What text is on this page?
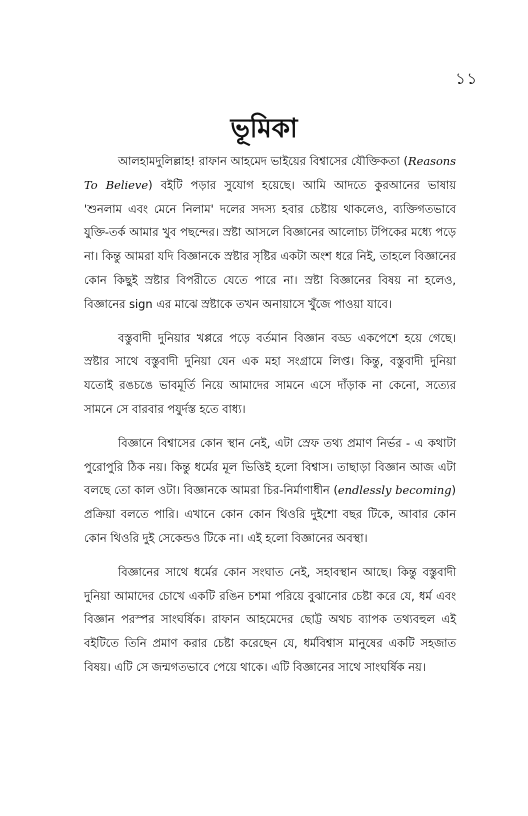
১১
ভূমিকা

আলহামদুলিল্লাহ! রাফান আহমেদ ভাইয়ের বিশ্বাসের যৌক্তিকতা (Reasons To Believe) বইটি পড়ার সুযোগ হয়েছে। আমি আদতে কুরআনের ভাষায় 'শুনলাম এবং মেনে নিলাম' দলের সদস্য হবার চেষ্টায় থাকলেও, ব্যক্তিগতভাবে যুক্তি-তর্ক আমার খুব পছন্দের। স্রষ্টা আসলে বিজ্ঞানের আলোচ্য টপিকের মধ্যে পড়ে না। কিন্তু আমরা যদি বিজ্ঞানকে স্রষ্টার সৃষ্টির একটা অংশ ধরে নিই, তাহলে বিজ্ঞানের কোন কিছুই স্রষ্টার বিপরীতে যেতে পারে না। স্রষ্টা বিজ্ঞানের বিষয় না হলেও, বিজ্ঞানের sign এর মাঝে স্রষ্টাকে তখন অনায়াসে খুঁজে পাওয়া যাবে।

বস্তুবাদী দুনিয়ার খপ্পরে পড়ে বর্তমান বিজ্ঞান বড্ড একপেশে হয়ে গেছে। স্রষ্টার সাথে বস্তুবাদী দুনিয়া যেন এক মহা সংগ্রামে লিপ্ত। কিন্তু, বস্তুবাদী দুনিয়া যতোই রঙচঙে ভাবমূর্তি নিয়ে আমাদের সামনে এসে দাঁড়াক না কেনো, সত্যের সামনে সে বারবার পযুর্দস্ত হতে বাধ্য।

বিজ্ঞানে বিশ্বাসের কোন স্থান নেই, এটা স্রেফ তথ্য প্রমাণ নির্ভর - এ কথাটা পুরোপুরি ঠিক নয়। কিন্তু ধর্মের মূল ভিত্তিই হলো বিশ্বাস। তাছাড়া বিজ্ঞান আজ এটা বলছে তো কাল ওটা। বিজ্ঞানকে আমরা চির-নির্মাণাধীন (endlessly becoming) প্রক্রিয়া বলতে পারি। এখানে কোন কোন থিওরি দুইশো বছর টিকে, আবার কোন কোন থিওরি দুই সেকেন্ডও টিকে না। এই হলো বিজ্ঞানের অবস্থা।

বিজ্ঞানের সাথে ধর্মের কোন সংঘাত নেই, সহাবস্থান আছে। কিন্তু বস্তুবাদী দুনিয়া আমাদের চোখে একটি রঙিন চশমা পরিয়ে বুঝানোর চেষ্টা করে যে, ধর্ম এবং বিজ্ঞান পরস্পর সাংঘর্ষিক। রাফান আহমেদের ছোট্ট অথচ ব্যাপক তথ্যবহুল এই বইটিতে তিনি প্রমাণ করার চেষ্টা করেছেন যে, ধর্মবিশ্বাস মানুষের একটি সহজাত বিষয়। এটি সে জন্মগতভাবে পেয়ে থাকে। এটি বিজ্ঞানের সাথে সাংঘর্ষিক নয়।
